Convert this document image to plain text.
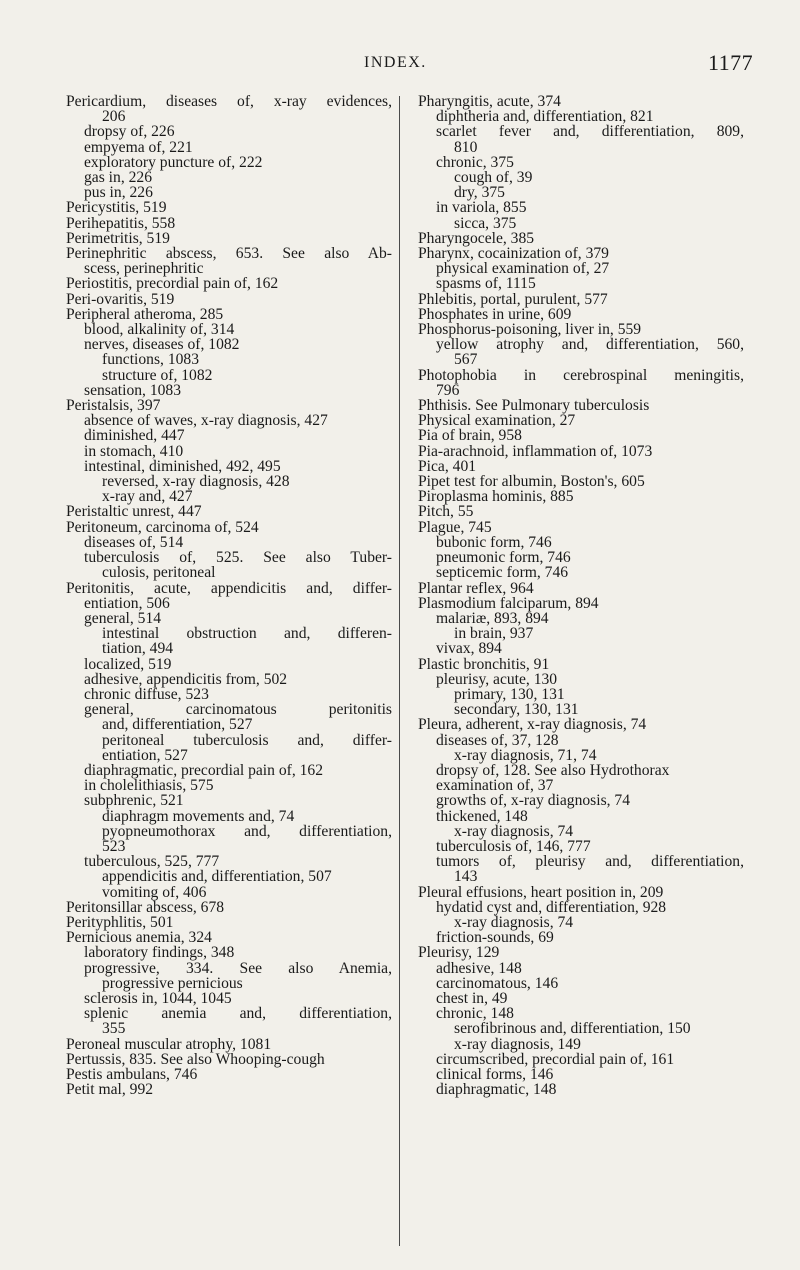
INDEX.	1177
Pericardium, diseases of, x-ray evidences,
206
dropsy of, 226
empyema of, 221
exploratory puncture of, 222
gas in, 226
pus in, 226
Pericystitis, 519
Perihepatitis, 558
Perimetritis, 519
Perinephritic abscess, 653. See also Ab-
scess, perinephritic
Periostitis, precordial pain of, 162
Peri-ovaritis, 519
Peripheral atheroma, 285
blood, alkalinity of, 314
nerves, diseases of, 1082
functions, 1083
structure of, 1082
sensation, 1083
Peristalsis, 397
absence of waves, x-ray diagnosis, 427
diminished, 447
in stomach, 410
intestinal, diminished, 492, 495
reversed, x-ray diagnosis, 428
x-ray and, 427
Peristaltic unrest, 447
Peritoneum, carcinoma of, 524
diseases of, 514
tuberculosis of, 525. See also Tuber-
culosis, peritoneal
Peritonitis, acute, appendicitis and, differ-
entiation, 506
general, 514
intestinal obstruction and, differen-
tiation, 494
localized, 519
adhesive, appendicitis from, 502
chronic diffuse, 523
general, carcinomatous peritonitis
and, differentiation, 527
peritoneal tuberculosis and, differ-
entiation, 527
diaphragmatic, precordial pain of, 162
in cholelithiasis, 575
subphrenic, 521
diaphragm movements and, 74
pyopneumothorax and, differentiation,
523
tuberculous, 525, 777
appendicitis and, differentiation, 507
vomiting of, 406
Peritonsillar abscess, 678
Perityphlitis, 501
Pernicious anemia, 324
laboratory findings, 348
progressive, 334. See also Anemia,
progressive pernicious
sclerosis in, 1044, 1045
splenic anemia and, differentiation,
355
Peroneal muscular atrophy, 1081
Pertussis, 835. See also Whooping-cough
Pestis ambulans, 746
Petit mal, 992
Pharyngitis, acute, 374
diphtheria and, differentiation, 821
scarlet fever and, differentiation, 809,
810
chronic, 375
cough of, 39
dry, 375
in variola, 855
sicca, 375
Pharyngocele, 385
Pharynx, cocainization of, 379
physical examination of, 27
spasms of, 1115
Phlebitis, portal, purulent, 577
Phosphates in urine, 609
Phosphorus-poisoning, liver in, 559
yellow atrophy and, differentiation, 560,
567
Photophobia in cerebrospinal meningitis,
796
Phthisis. See Pulmonary tuberculosis
Physical examination, 27
Pia of brain, 958
Pia-arachnoid, inflammation of, 1073
Pica, 401
Pipet test for albumin, Boston's, 605
Piroplasma hominis, 885
Pitch, 55
Plague, 745
bubonic form, 746
pneumonic form, 746
septicemic form, 746
Plantar reflex, 964
Plasmodium falciparum, 894
malariæ, 893, 894
in brain, 937
vivax, 894
Plastic bronchitis, 91
pleurisy, acute, 130
primary, 130, 131
secondary, 130, 131
Pleura, adherent, x-ray diagnosis, 74
diseases of, 37, 128
x-ray diagnosis, 71, 74
dropsy of, 128. See also Hydrothorax
examination of, 37
growths of, x-ray diagnosis, 74
thickened, 148
x-ray diagnosis, 74
tuberculosis of, 146, 777
tumors of, pleurisy and, differentiation,
143
Pleural effusions, heart position in, 209
hydatid cyst and, differentiation, 928
x-ray diagnosis, 74
friction-sounds, 69
Pleurisy, 129
adhesive, 148
carcinomatous, 146
chest in, 49
chronic, 148
serofibrinous and, differentiation, 150
x-ray diagnosis, 149
circumscribed, precordial pain of, 161
clinical forms, 146
diaphragmatic, 148
